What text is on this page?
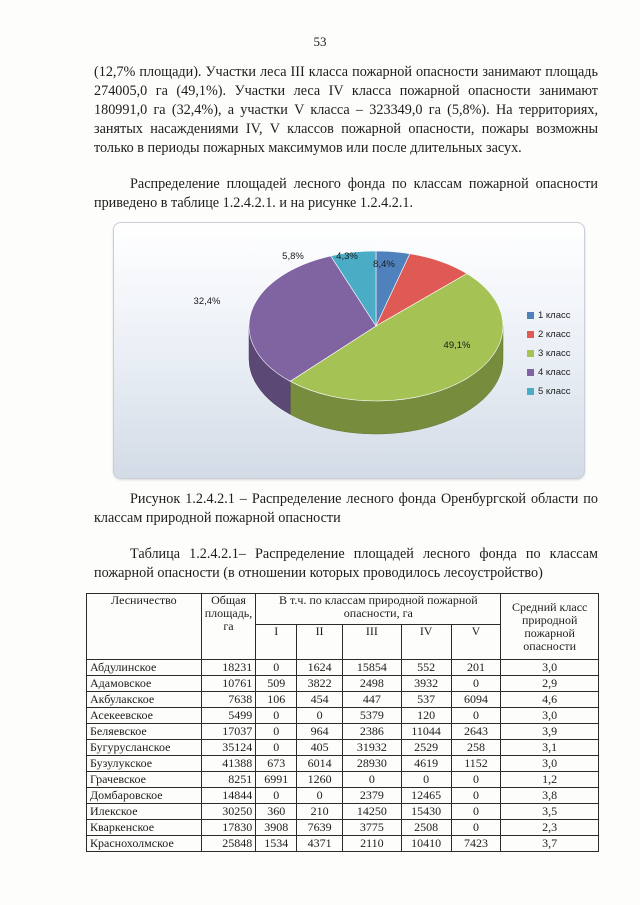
53

(12,7% площади). Участки леса III класса пожарной опасности занимают площадь 274005,0 га (49,1%). Участки леса IV класса пожарной опасности занимают 180991,0 га (32,4%), а участки V класса – 323349,0 га (5,8%). На территориях, занятых насаждениями IV, V классов пожарной опасности, пожары возможны только в периоды пожарных максимумов или после длительных засух.

Распределение площадей лесного фонда по классам пожарной опасности приведено в таблице 1.2.4.2.1. и на рисунке 1.2.4.2.1.

4,3%
8,4%
49,1%
32,4%
5,8%
1 класс
2 класс
3 класс
4 класс
5 класс

Рисунок 1.2.4.2.1 – Распределение лесного фонда Оренбургской области по классам природной пожарной опасности

Таблица 1.2.4.2.1– Распределение площадей лесного фонда по классам пожарной опасности (в отношении которых проводилось лесоустройство)

Лесничество	Общая площадь, га	В т.ч. по классам природной пожарной опасности, га					Средний класс природной пожарной опасности
		I	II	III	IV	V	
Абдулинское	18231	0	1624	15854	552	201	3,0
Адамовское	10761	509	3822	2498	3932	0	2,9
Акбулакское	7638	106	454	447	537	6094	4,6
Асекеевское	5499	0	0	5379	120	0	3,0
Беляевское	17037	0	964	2386	11044	2643	3,9
Бугурусланское	35124	0	405	31932	2529	258	3,1
Бузулукское	41388	673	6014	28930	4619	1152	3,0
Грачевское	8251	6991	1260	0	0	0	1,2
Домбаровское	14844	0	0	2379	12465	0	3,8
Илекское	30250	360	210	14250	15430	0	3,5
Кваркенское	17830	3908	7639	3775	2508	0	2,3
Краснохолмское	25848	1534	4371	2110	10410	7423	3,7
